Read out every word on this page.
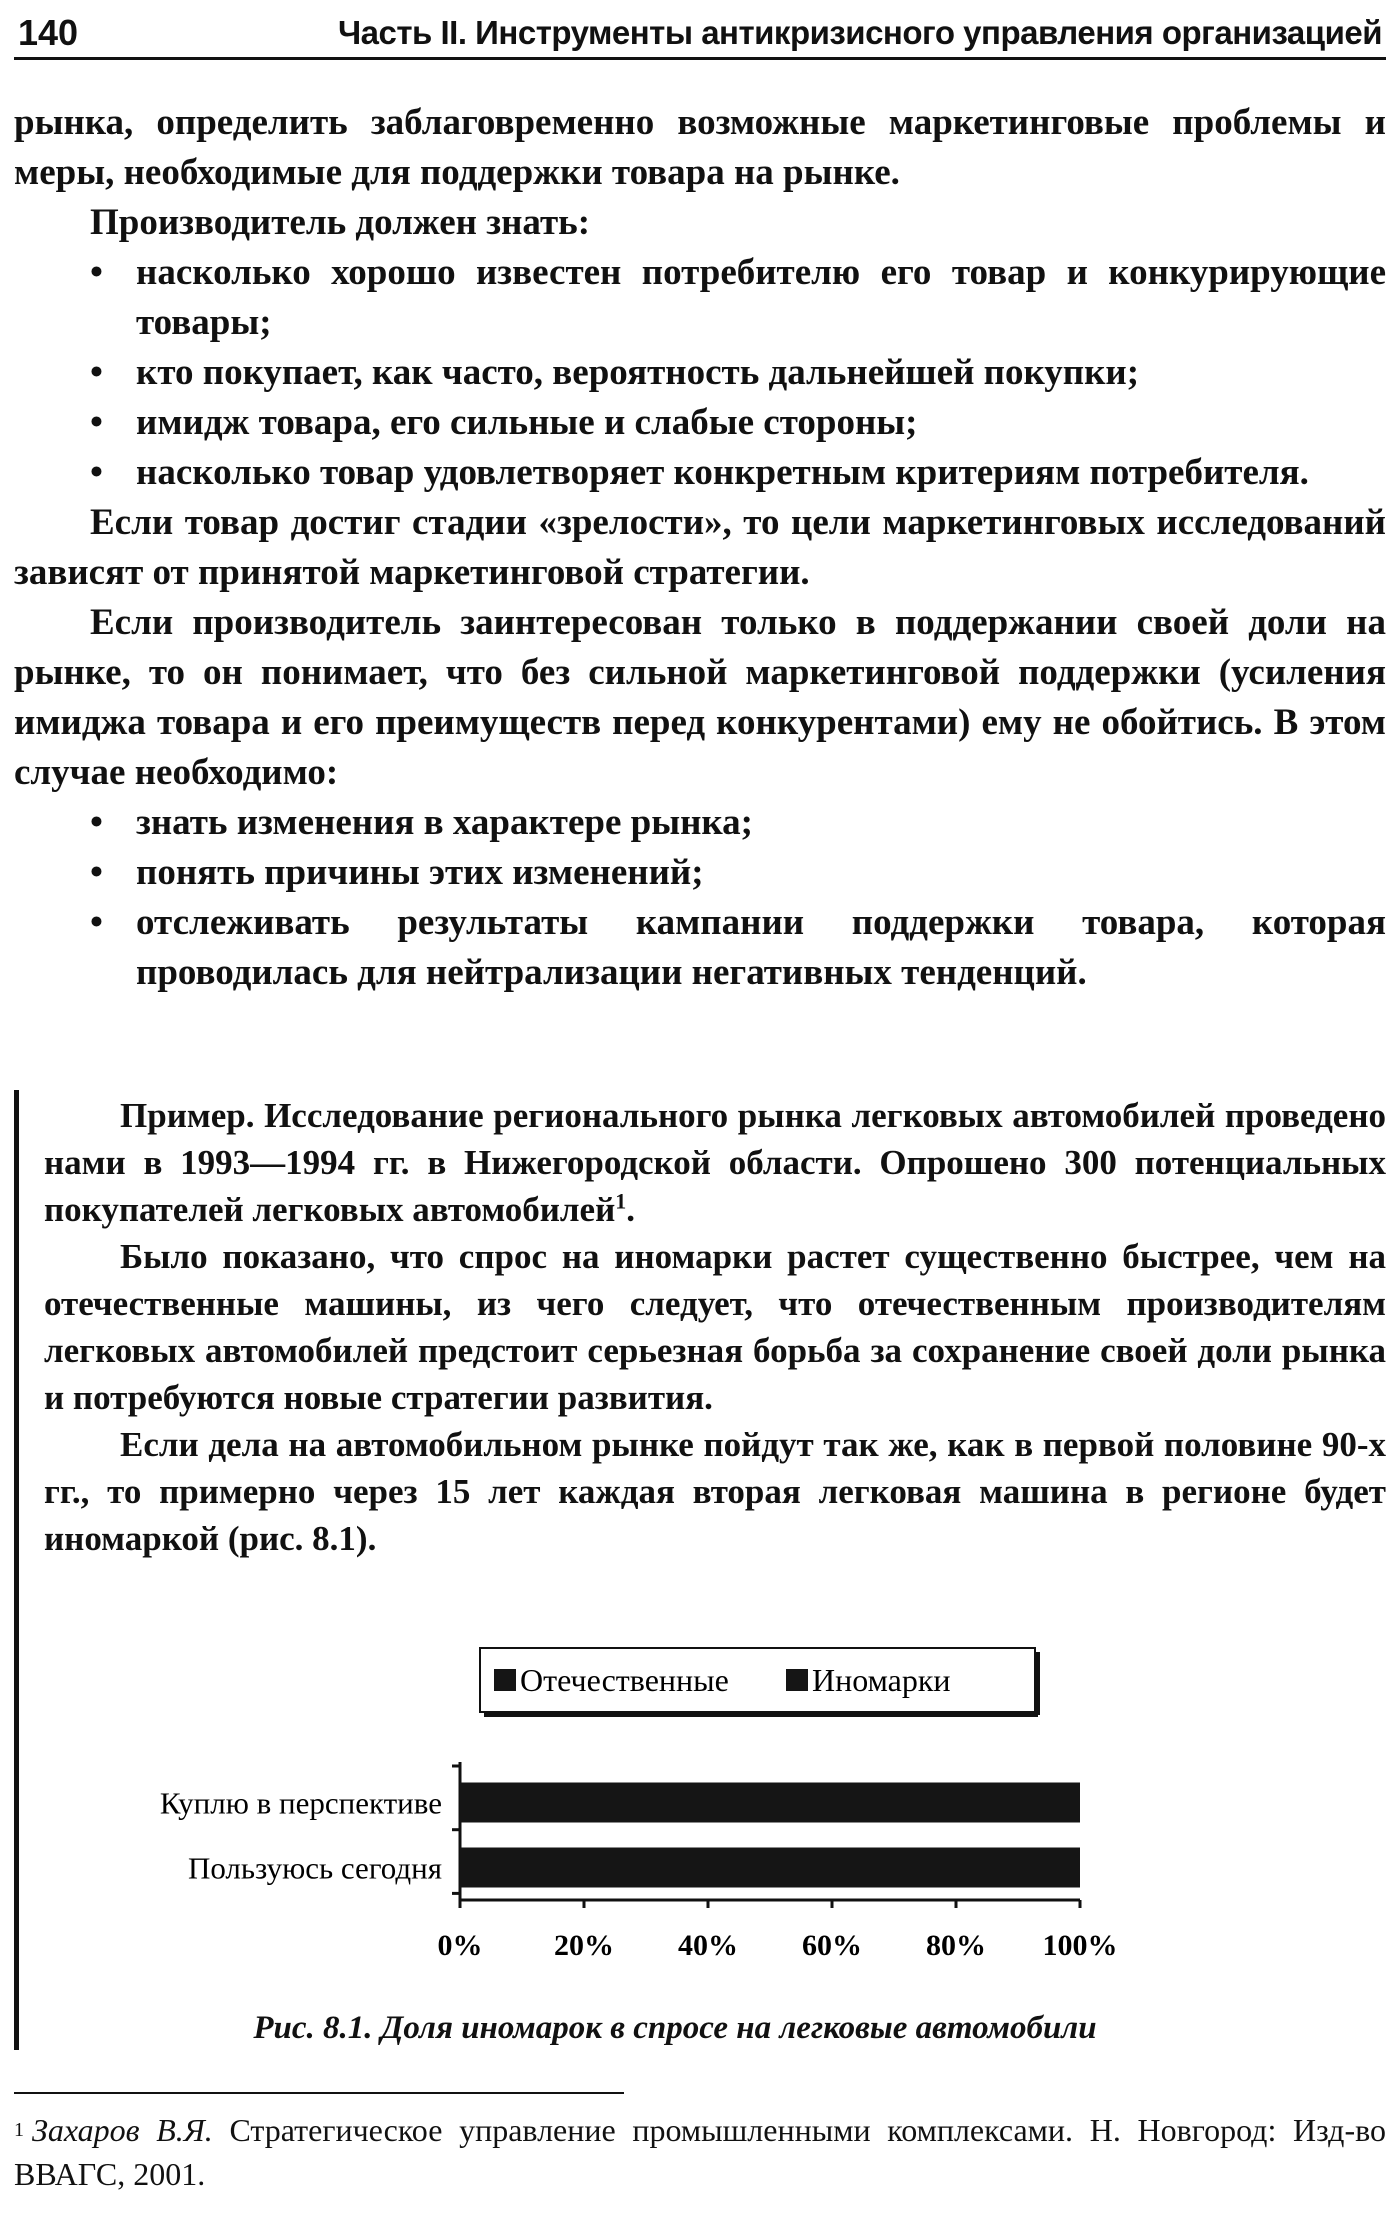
140	Часть II. Инструменты антикризисного управления организацией

рынка, определить заблаговременно возможные маркетинговые проблемы и меры, необходимые для поддержки товара на рынке.

Производитель должен знать:

• насколько хорошо известен потребителю его товар и конкурирующие товары;
• кто покупает, как часто, вероятность дальнейшей покупки;
• имидж товара, его сильные и слабые стороны;
• насколько товар удовлетворяет конкретным критериям потребителя.

Если товар достиг стадии «зрелости», то цели маркетинговых исследований зависят от принятой маркетинговой стратегии.

Если производитель заинтересован только в поддержании своей доли на рынке, то он понимает, что без сильной маркетинговой поддержки (усиления имиджа товара и его преимуществ перед конкурентами) ему не обойтись. В этом случае необходимо:

• знать изменения в характере рынка;
• понять причины этих изменений;
• отслеживать результаты кампании поддержки товара, которая проводилась для нейтрализации негативных тенденций.

Пример. Исследование регионального рынка легковых автомобилей проведено нами в 1993—1994 гг. в Нижегородской области. Опрошено 300 потенциальных покупателей легковых автомобилей$^1$.

Было показано, что спрос на иномарки растет существенно быстрее, чем на отечественные машины, из чего следует, что отечественным производителям легковых автомобилей предстоит серьезная борьба за сохранение своей доли рынка и потребуются новые стратегии развития.

Если дела на автомобильном рынке пойдут так же, как в первой половине 90-х гг., то примерно через 15 лет каждая вторая легковая машина в регионе будет иномаркой (рис. 8.1).

Отечественные	Иномарки
Куплю в перспективе
Пользуюсь сегодня
0% 20% 40% 60% 80% 100%
Рис. 8.1. Доля иномарок в спросе на легковые автомобили
$^1$ Захаров В.Я. Стратегическое управление промышленными комплексами. Н. Новгород: Изд-во ВВАГС, 2001.
